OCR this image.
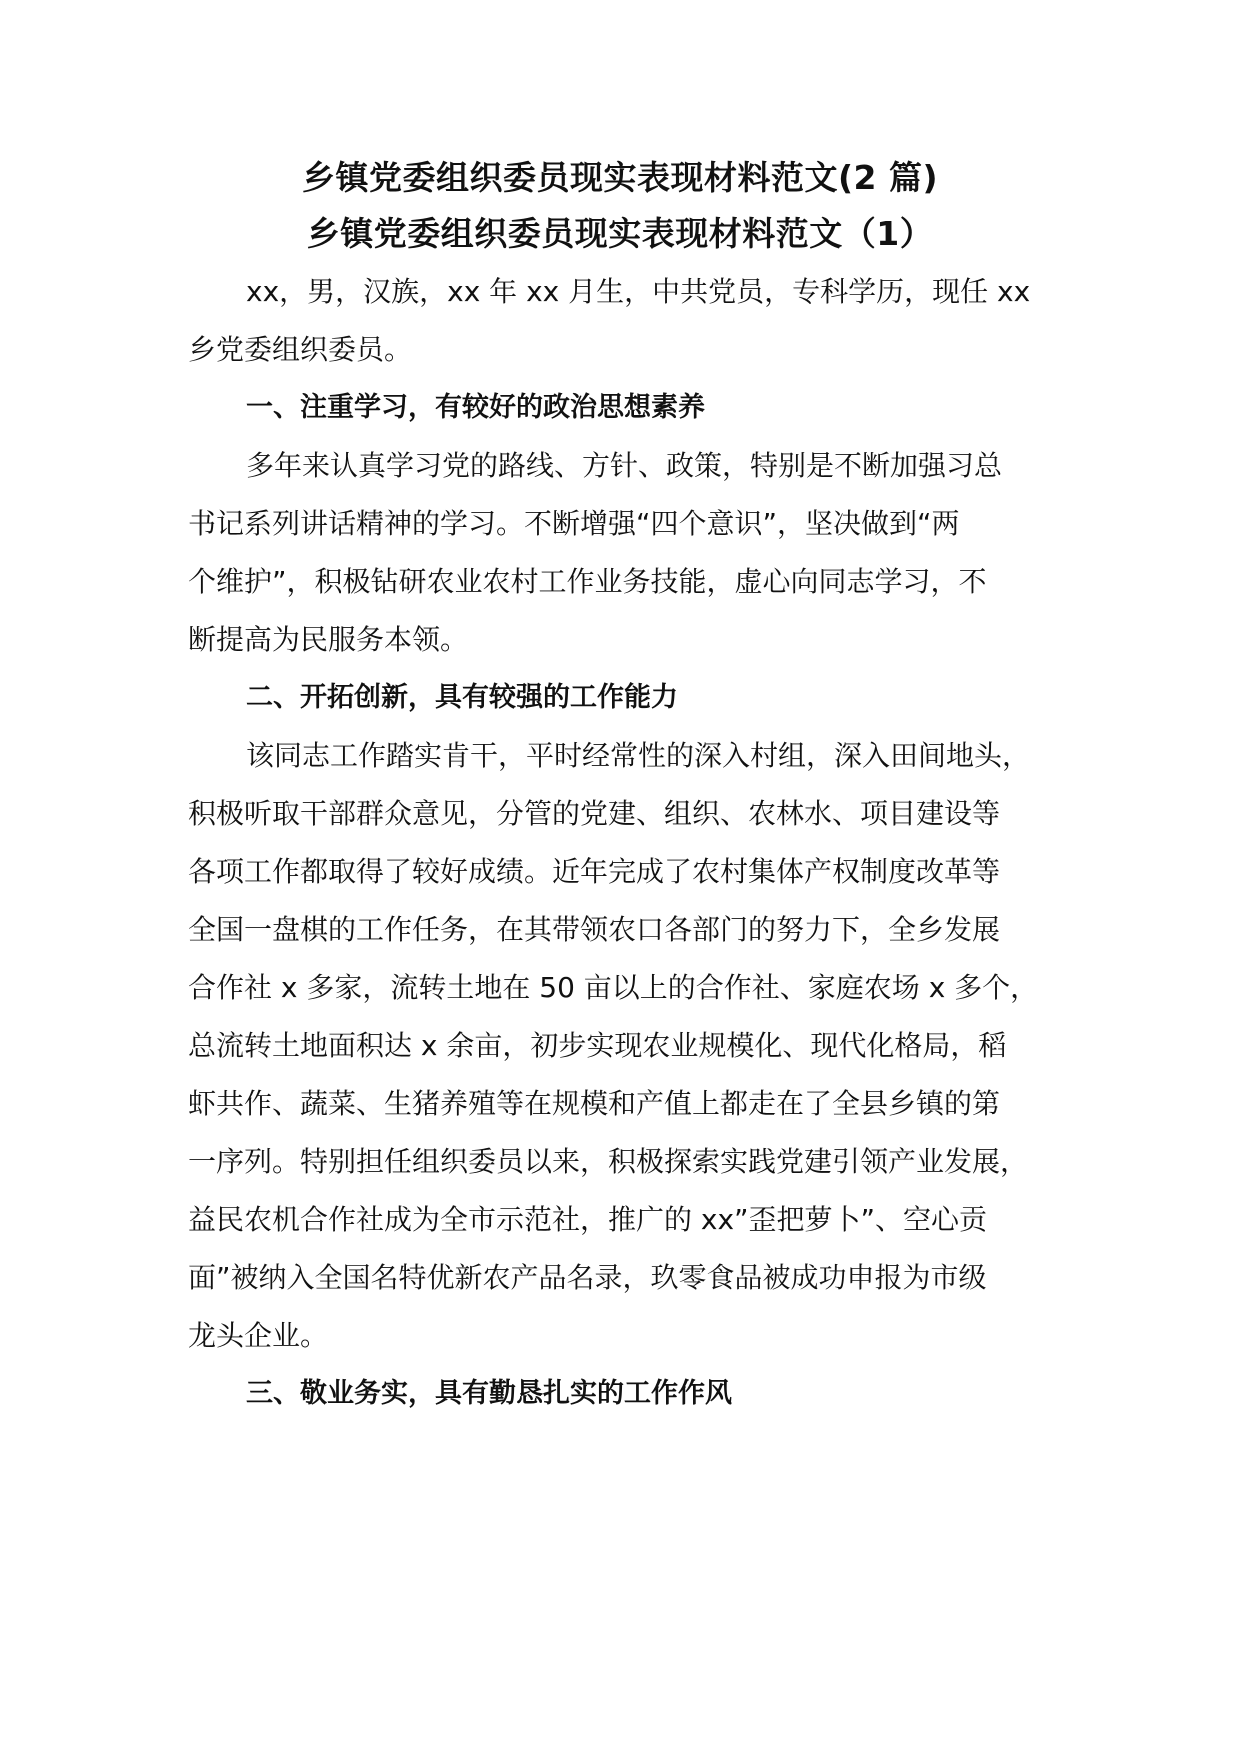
乡镇党委组织委员现实表现材料范文(2 篇)
乡镇党委组织委员现实表现材料范文（1）
xx，男，汉族，xx 年 xx 月生，中共党员，专科学历，现任 xx
乡党委组织委员。
一、注重学习，有较好的政治思想素养
多年来认真学习党的路线、方针、政策，特别是不断加强习总
书记系列讲话精神的学习。不断增强“四个意识”，坚决做到“两
个维护”，积极钻研农业农村工作业务技能，虚心向同志学习，不
断提高为民服务本领。
二、开拓创新，具有较强的工作能力
该同志工作踏实肯干，平时经常性的深入村组，深入田间地头，
积极听取干部群众意见，分管的党建、组织、农林水、项目建设等
各项工作都取得了较好成绩。近年完成了农村集体产权制度改革等
全国一盘棋的工作任务，在其带领农口各部门的努力下，全乡发展
合作社 x 多家，流转土地在 50 亩以上的合作社、家庭农场 x 多个，
总流转土地面积达 x 余亩，初步实现农业规模化、现代化格局，稻
虾共作、蔬菜、生猪养殖等在规模和产值上都走在了全县乡镇的第
一序列。特别担任组织委员以来，积极探索实践党建引领产业发展，
益民农机合作社成为全市示范社，推广的 xx”歪把萝卜”、空心贡
面”被纳入全国名特优新农产品名录，玖零食品被成功申报为市级
龙头企业。
三、敬业务实，具有勤恳扎实的工作作风
